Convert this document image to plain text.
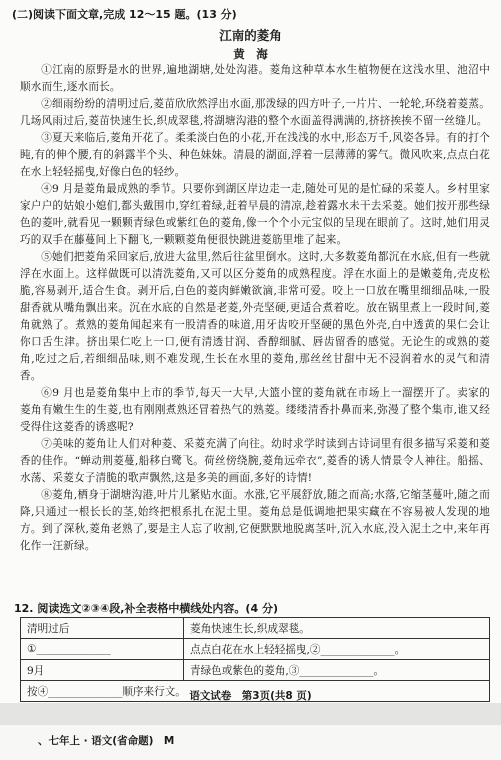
(二)阅读下面文章,完成 12～15 题。(13 分)
江南的菱角
黄　海

①江南的原野是水的世界,遍地湖塘,处处沟港。菱角这种草本水生植物便在这浅水里、池沼中顺水而生,逐水而长。

②细雨纷纷的清明过后,菱苗欣欣然浮出水面,那泼绿的四方叶子,一片片、一轮轮,环绕着菱蒸。几场风雨过后,菱苗快速生长,织成翠毯,将湖塘沟港的整个水面盖得满满的,挤挤挨挨不留一丝缝儿。

③夏天来临后,菱角开花了。柔柔淡白色的小花,开在浅浅的水中,形态万千,风姿各异。有的打个盹,有的伸个腰,有的斜露半个头、种色妹妹。清晨的湖面,浮着一层薄薄的雾气。微风吹来,点点白花在水上轻轻摇曳,好像白色的轻纱。

④9 月是菱角最成熟的季节。只要你到湖区岸边走一走,随处可见的是忙碌的采菱人。乡村里家家户户的姑娘小媳们,都头戴围巾,穿红着绿,赶着早晨的清凉,趁着露水未干去采菱。她们按开那些绿色的菱叶,就看见一颗颗青绿色或紫红色的菱角,像一个个小元宝似的呈现在眼前了。这时,她们用灵巧的双手在藤蔓间上下翻飞,一颗颗菱角便很快跳进菱筋里堆了起来。

⑤她们把菱角采回家后,放进大盆里,然后往盆里倒水。这时,大多数菱角都沉在水底,但有一些就浮在水面上。这样做既可以清洗菱角,又可以区分菱角的成熟程度。浮在水面上的是嫩菱角,壳皮松脆,容易剥开,适合生食。剥开后,白色的菱肉鲜嫩欲滴,非常可爱。咬上一口放在嘴里细细品味,一股甜香就从嘴角飘出来。沉在水底的自然是老菱,外壳坚硬,更适合煮着吃。放在锅里煮上一段时间,菱角就熟了。煮熟的菱角闻起来有一股清香的味道,用牙齿咬开坚硬的黑色外壳,白中透黄的果仁会让你口舌生津。挤出果仁吃上一口,便有清透甘润、香醇细腻、唇齿留香的感觉。无论生的或熟的菱角,吃过之后,若细细品味,则不难发现,生长在水里的菱角,那丝丝甘甜中无不浸润着水的灵气和清香。

⑥9 月也是菱角集中上市的季节,每天一大早,大篮小筐的菱角就在市场上一溜摆开了。卖家的菱角有嫩生生的生菱,也有刚刚煮熟还冒着热气的熟菱。缕缕清香扑鼻而来,弥漫了整个集市,谁又经受得住这菱香的诱惑呢?

⑦美味的菱角让人们对种菱、采菱充满了向往。幼时求学时读到古诗词里有很多描写采菱和菱香的佳作。“蝉动荆菱蔓,船移白鹭飞。荷丝傍绕腕,菱角远牵衣”,菱香的诱人情景令人神往。船摇、水荡、采菱女子清脆的歌声飘然,这是多美的画面,多好的诗情!

⑧菱角,栖身于湖塘沟港,叶片儿紧贴水面。水涨,它平展舒放,随之而高;水落,它缩茎蔓叶,随之而降,只通过一根长长的茎,始终把根系扎在泥土里。菱角总是低调地把果实藏在不容易被人发现的地方。到了深秋,菱角老熟了,要是主人忘了收割,它便默默地脱离茎叶,沉入水底,没入泥土之中,来年再化作一汪新绿。

12. 阅读选文②③④段,补全表格中横线处内容。(4 分)
清明过后	菱角快速生长,织成翠毯。
①______________	点点白花在水上轻轻摇曳,②______________。
9月	青绿色或紫色的菱角,③______________。
按④______________顺序来行文。	语文试卷　第3页(共8 页)
、七年上 · 语文(省命题)　M
